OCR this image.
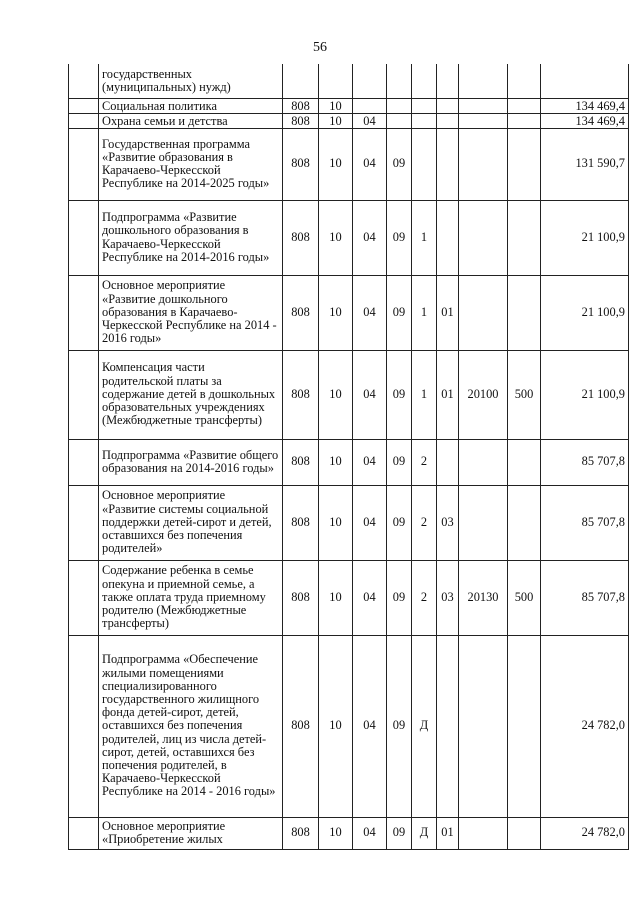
56
	государственных (муниципальных) нужд)									
	Социальная политика	808	10							134 469,4
	Охрана семьи и детства	808	10	04						134 469,4
	Государственная программа «Развитие образования в Карачаево-Черкесской Республике на 2014-2025 годы»	808	10	04	09					131 590,7
	Подпрограмма «Развитие дошкольного образования в Карачаево-Черкесской Республике на 2014-2016 годы»	808	10	04	09	1				21 100,9
	Основное мероприятие «Развитие дошкольного образования в Карачаево-Черкесской Республике на 2014 - 2016 годы»	808	10	04	09	1	01			21 100,9
	Компенсация части родительской платы за содержание детей в дошкольных образовательных учреждениях (Межбюджетные трансферты)	808	10	04	09	1	01	20100	500	21 100,9
	Подпрограмма «Развитие общего образования на 2014-2016 годы»	808	10	04	09	2				85 707,8
	Основное мероприятие «Развитие системы социальной поддержки детей-сирот и детей, оставшихся без попечения родителей»	808	10	04	09	2	03			85 707,8
	Содержание ребенка в семье опекуна и приемной семье, а также оплата труда приемному родителю (Межбюджетные трансферты)	808	10	04	09	2	03	20130	500	85 707,8
	Подпрограмма «Обеспечение жилыми помещениями специализированного государственного жилищного фонда детей-сирот, детей, оставшихся без попечения родителей, лиц из числа детей-сирот, детей, оставшихся без попечения родителей, в Карачаево-Черкесской Республике на 2014 - 2016 годы»	808	10	04	09	Д				24 782,0
	Основное мероприятие «Приобретение жилых	808	10	04	09	Д	01			24 782,0
